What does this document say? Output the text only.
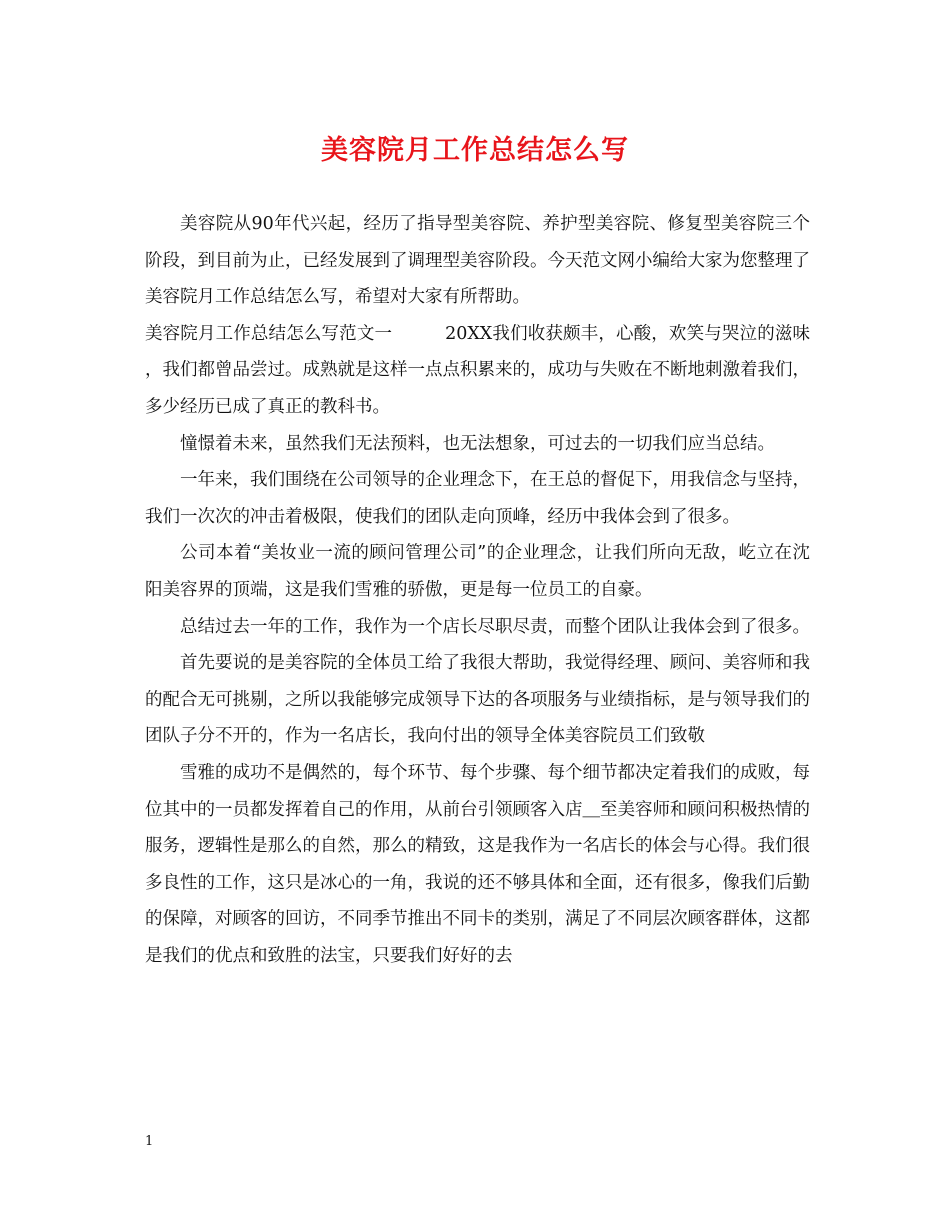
美容院月工作总结怎么写

美容院从90年代兴起，经历了指导型美容院、养护型美容院、修复型美容院三个阶段，到目前为止，已经发展到了调理型美容阶段。今天范文网小编给大家为您整理了美容院月工作总结怎么写，希望对大家有所帮助。

美容院月工作总结怎么写范文一　　　20XX我们收获颇丰，心酸，欢笑与哭泣的滋味 ，我们都曾品尝过。成熟就是这样一点点积累来的，成功与失败在不断地刺激着我们，多少经历已成了真正的教科书。

憧憬着未来，虽然我们无法预料，也无法想象，可过去的一切我们应当总结。

一年来，我们围绕在公司领导的企业理念下，在王总的督促下，用我信念与坚持，我们一次次的冲击着极限，使我们的团队走向顶峰，经历中我体会到了很多。

公司本着“美妆业一流的顾问管理公司”的企业理念，让我们所向无敌，屹立在沈阳美容界的顶端，这是我们雪雅的骄傲，更是每一位员工的自豪。

总结过去一年的工作，我作为一个店长尽职尽责，而整个团队让我体会到了很多。

首先要说的是美容院的全体员工给了我很大帮助，我觉得经理、顾问、美容师和我的配合无可挑剔，之所以我能够完成领导下达的各项服务与业绩指标，是与领导我们的团队子分不开的，作为一名店长，我向付出的领导全体美容院员工们致敬

雪雅的成功不是偶然的，每个环节、每个步骤、每个细节都决定着我们的成败，每位其中的一员都发挥着自己的作用，从前台引领顾客入店＿至美容师和顾问积极热情的服务，逻辑性是那么的自然，那么的精致，这是我作为一名店长的体会与心得。我们很多良性的工作，这只是冰心的一角，我说的还不够具体和全面，还有很多，像我们后勤的保障，对顾客的回访，不同季节推出不同卡的类别，满足了不同层次顾客群体，这都是我们的优点和致胜的法宝，只要我们好好的去

1
